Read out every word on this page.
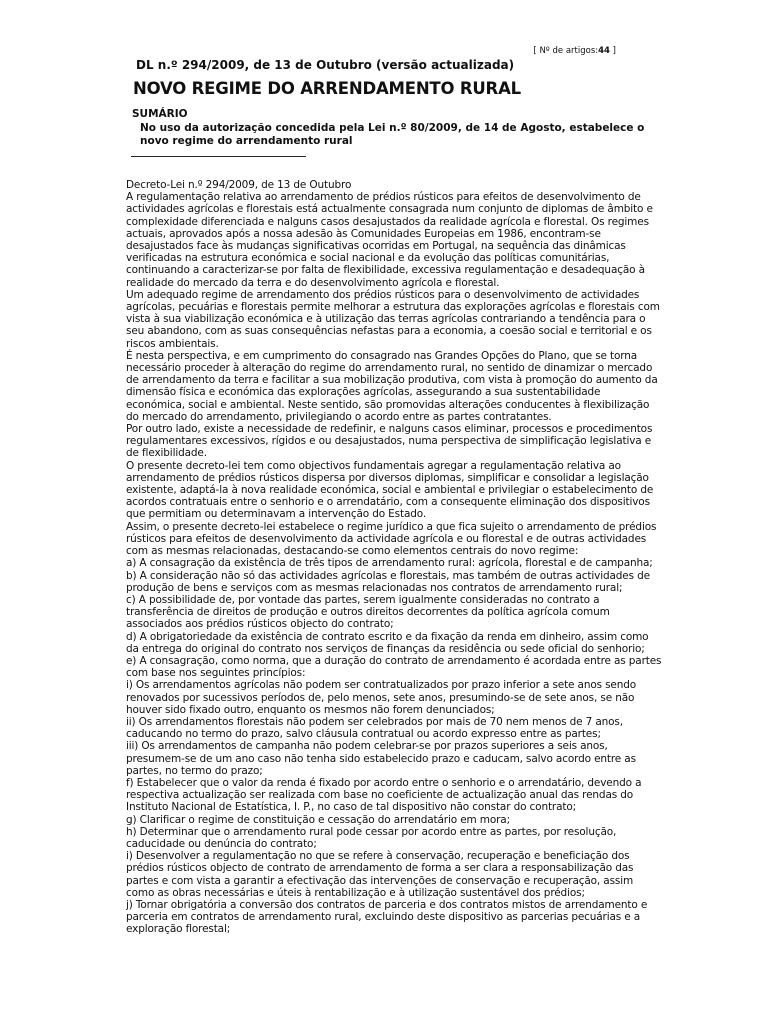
[ Nº de artigos:44 ]
DL n.º 294/2009, de 13 de Outubro (versão actualizada)
NOVO REGIME DO ARRENDAMENTO RURAL
SUMÁRIO
No uso da autorização concedida pela Lei n.º 80/2009, de 14 de Agosto, estabelece o novo regime do arrendamento rural

Decreto-Lei n.º 294/2009, de 13 de Outubro

A regulamentação relativa ao arrendamento de prédios rústicos para efeitos de desenvolvimento de actividades agrícolas e florestais está actualmente consagrada num conjunto de diplomas de âmbito e complexidade diferenciada e nalguns casos desajustados da realidade agrícola e florestal. Os regimes actuais, aprovados após a nossa adesão às Comunidades Europeias em 1986, encontram-se desajustados face às mudanças significativas ocorridas em Portugal, na sequência das dinâmicas verificadas na estrutura económica e social nacional e da evolução das políticas comunitárias, continuando a caracterizar-se por falta de flexibilidade, excessiva regulamentação e desadequação à realidade do mercado da terra e do desenvolvimento agrícola e florestal.

Um adequado regime de arrendamento dos prédios rústicos para o desenvolvimento de actividades agrícolas, pecuárias e florestais permite melhorar a estrutura das explorações agrícolas e florestais com vista à sua viabilização económica e à utilização das terras agrícolas contrariando a tendência para o seu abandono, com as suas consequências nefastas para a economia, a coesão social e territorial e os riscos ambientais.

É nesta perspectiva, e em cumprimento do consagrado nas Grandes Opções do Plano, que se torna necessário proceder à alteração do regime do arrendamento rural, no sentido de dinamizar o mercado de arrendamento da terra e facilitar a sua mobilização produtiva, com vista à promoção do aumento da dimensão física e económica das explorações agrícolas, assegurando a sua sustentabilidade económica, social e ambiental. Neste sentido, são promovidas alterações conducentes à flexibilização do mercado do arrendamento, privilegiando o acordo entre as partes contratantes.

Por outro lado, existe a necessidade de redefinir, e nalguns casos eliminar, processos e procedimentos regulamentares excessivos, rígidos e ou desajustados, numa perspectiva de simplificação legislativa e de flexibilidade.

O presente decreto-lei tem como objectivos fundamentais agregar a regulamentação relativa ao arrendamento de prédios rústicos dispersa por diversos diplomas, simplificar e consolidar a legislação existente, adaptá-la à nova realidade económica, social e ambiental e privilegiar o estabelecimento de acordos contratuais entre o senhorio e o arrendatário, com a consequente eliminação dos dispositivos que permitiam ou determinavam a intervenção do Estado.

Assim, o presente decreto-lei estabelece o regime jurídico a que fica sujeito o arrendamento de prédios rústicos para efeitos de desenvolvimento da actividade agrícola e ou florestal e de outras actividades com as mesmas relacionadas, destacando-se como elementos centrais do novo regime:

a) A consagração da existência de três tipos de arrendamento rural: agrícola, florestal e de campanha;

b) A consideração não só das actividades agrícolas e florestais, mas também de outras actividades de produção de bens e serviços com as mesmas relacionadas nos contratos de arrendamento rural;

c) A possibilidade de, por vontade das partes, serem igualmente consideradas no contrato a transferência de direitos de produção e outros direitos decorrentes da política agrícola comum associados aos prédios rústicos objecto do contrato;

d) A obrigatoriedade da existência de contrato escrito e da fixação da renda em dinheiro, assim como da entrega do original do contrato nos serviços de finanças da residência ou sede oficial do senhorio;

e) A consagração, como norma, que a duração do contrato de arrendamento é acordada entre as partes com base nos seguintes princípios:

i) Os arrendamentos agrícolas não podem ser contratualizados por prazo inferior a sete anos sendo renovados por sucessivos períodos de, pelo menos, sete anos, presumindo-se de sete anos, se não houver sido fixado outro, enquanto os mesmos não forem denunciados;

ii) Os arrendamentos florestais não podem ser celebrados por mais de 70 nem menos de 7 anos, caducando no termo do prazo, salvo cláusula contratual ou acordo expresso entre as partes;

iii) Os arrendamentos de campanha não podem celebrar-se por prazos superiores a seis anos, presumem-se de um ano caso não tenha sido estabelecido prazo e caducam, salvo acordo entre as partes, no termo do prazo;

f) Estabelecer que o valor da renda é fixado por acordo entre o senhorio e o arrendatário, devendo a respectiva actualização ser realizada com base no coeficiente de actualização anual das rendas do Instituto Nacional de Estatística, I. P., no caso de tal dispositivo não constar do contrato;

g) Clarificar o regime de constituição e cessação do arrendatário em mora;

h) Determinar que o arrendamento rural pode cessar por acordo entre as partes, por resolução, caducidade ou denúncia do contrato;

i) Desenvolver a regulamentação no que se refere à conservação, recuperação e beneficiação dos prédios rústicos objecto de contrato de arrendamento de forma a ser clara a responsabilização das partes e com vista a garantir a efectivação das intervenções de conservação e recuperação, assim como as obras necessárias e úteis à rentabilização e à utilização sustentável dos prédios;

j) Tornar obrigatória a conversão dos contratos de parceria e dos contratos mistos de arrendamento e parceria em contratos de arrendamento rural, excluindo deste dispositivo as parcerias pecuárias e a exploração florestal;
